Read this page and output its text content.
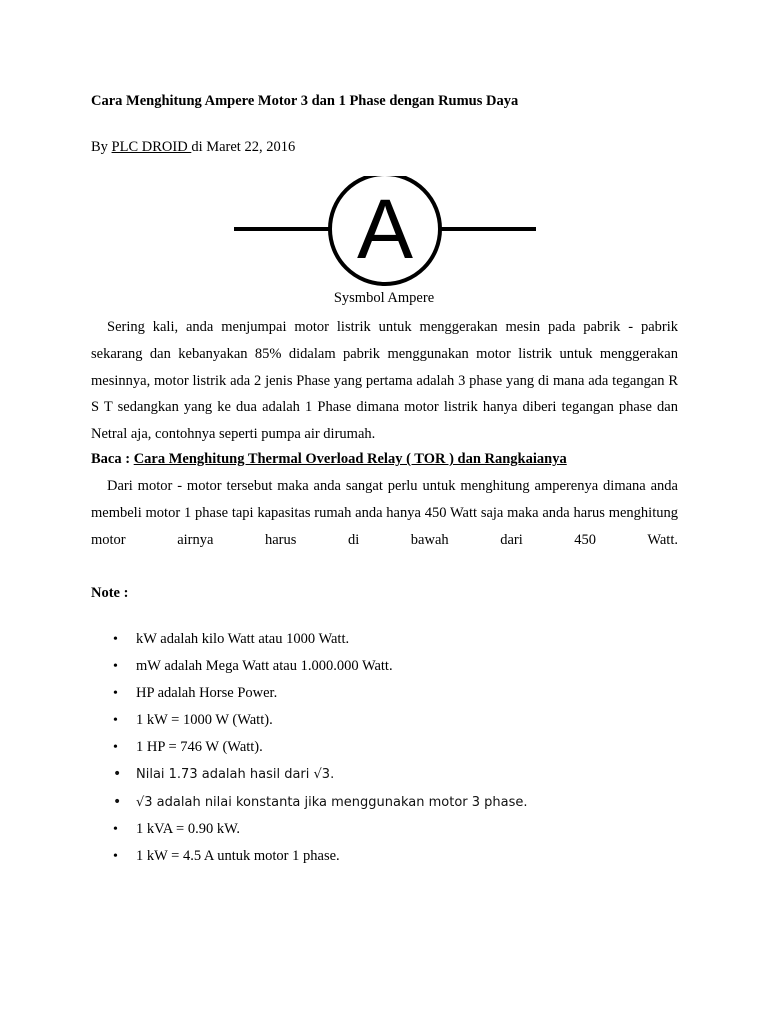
Cara Menghitung Ampere Motor 3 dan 1 Phase dengan Rumus Daya
By PLC DROID di Maret 22, 2016
A
Sysmbol Ampere

Sering kali, anda menjumpai motor listrik untuk menggerakan mesin pada pabrik - pabrik sekarang dan kebanyakan 85% didalam pabrik menggunakan motor listrik untuk menggerakan mesinnya, motor listrik ada 2 jenis Phase yang pertama adalah 3 phase yang di mana ada tegangan R S T sedangkan yang ke dua adalah 1 Phase dimana motor listrik hanya diberi tegangan phase dan Netral aja, contohnya seperti pumpa air dirumah.

Baca : Cara Menghitung Thermal Overload Relay ( TOR ) dan Rangkaianya

Dari motor - motor tersebut maka anda sangat perlu untuk menghitung amperenya dimana anda membeli motor 1 phase tapi kapasitas rumah anda hanya 450 Watt saja maka anda harus menghitung motor airnya harus di bawah dari 450 Watt.

Note :
• kW adalah kilo Watt atau 1000 Watt.
• mW adalah Mega Watt atau 1.000.000 Watt.
• HP adalah Horse Power.
• 1 kW = 1000 W (Watt).
• 1 HP = 746 W (Watt).
• Nilai 1.73 adalah hasil dari √3.
• √3 adalah nilai konstanta jika menggunakan motor 3 phase.
• 1 kVA = 0.90 kW.
• 1 kW = 4.5 A untuk motor 1 phase.
